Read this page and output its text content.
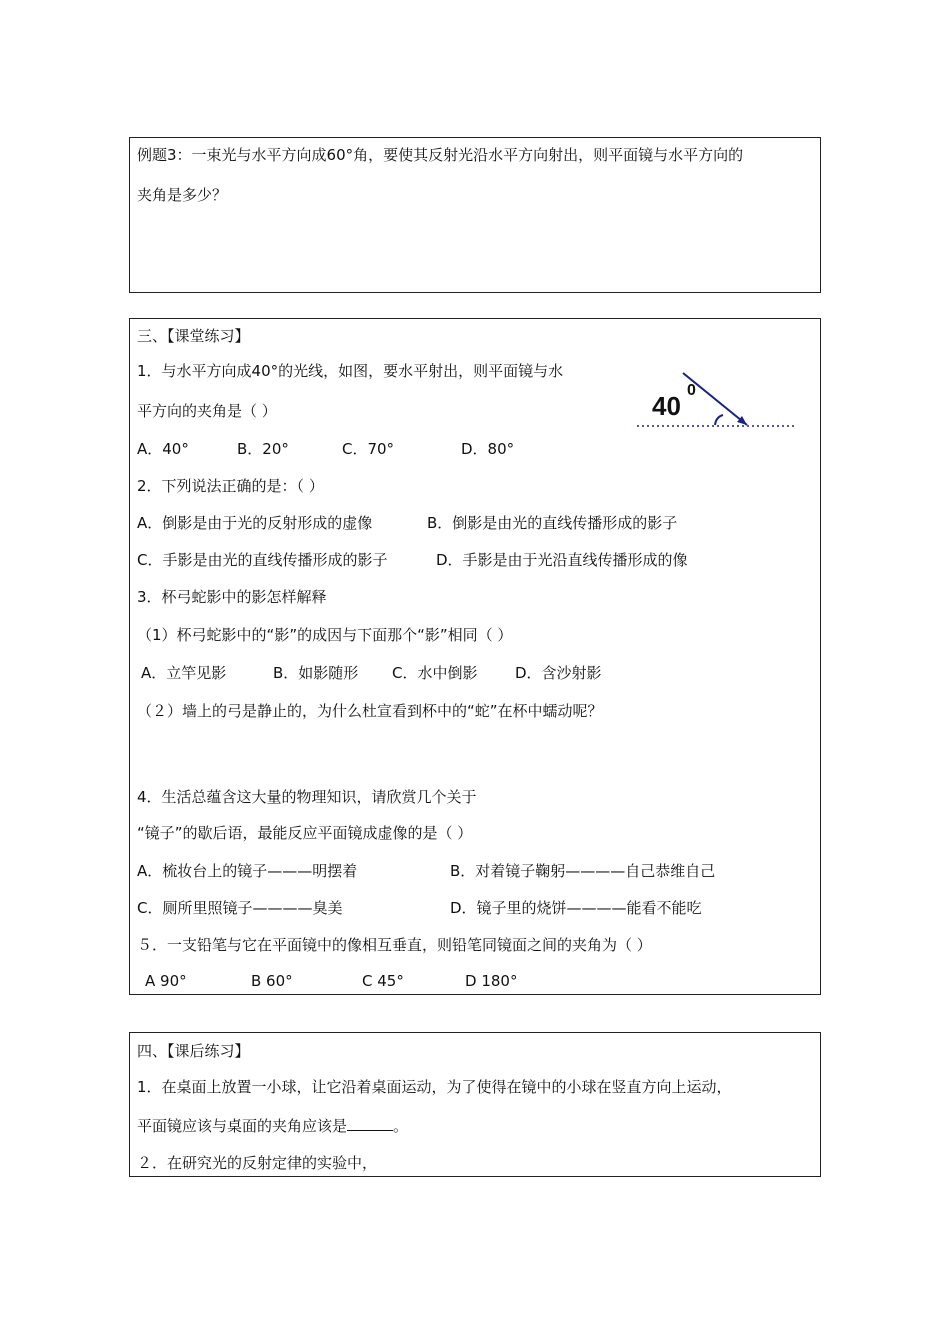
例题3：一束光与水平方向成60°角，要使其反射光沿水平方向射出，则平面镜与水平方向的
夹角是多少？
三、【课堂练习】
1．与水平方向成40°的光线，如图，要水平射出，则平面镜与水
平方向的夹角是（ ）	40
0
A．40°	B．20°	C．70°	D．80°
2．下列说法正确的是：（ ）
A．倒影是由于光的反射形成的虚像	B．倒影是由光的直线传播形成的影子
C．手影是由光的直线传播形成的影子	D．手影是由于光沿直线传播形成的像
3．杯弓蛇影中的影怎样解释
（1）杯弓蛇影中的“影”的成因与下面那个“影”相同（ ）
A．立竿见影	B．如影随形 C．水中倒影	D．含沙射影
（２）墙上的弓是静止的，为什么杜宣看到杯中的“蛇”在杯中蠕动呢？
4．生活总蕴含这大量的物理知识，请欣赏几个关于
“镜子”的歇后语，最能反应平面镜成虚像的是（ ）
A．梳妆台上的镜子———明摆着	B．对着镜子鞠躬————自己恭维自己
C．厕所里照镜子————臭美	D．镜子里的烧饼————能看不能吃
５．一支铅笔与它在平面镜中的像相互垂直，则铅笔同镜面之间的夹角为（ ）
A 90°	B 60°	C 45°	D 180°
四、【课后练习】
1．在桌面上放置一小球，让它沿着桌面运动，为了使得在镜中的小球在竖直方向上运动，
平面镜应该与桌面的夹角应该是	。
２．在研究光的反射定律的实验中，
